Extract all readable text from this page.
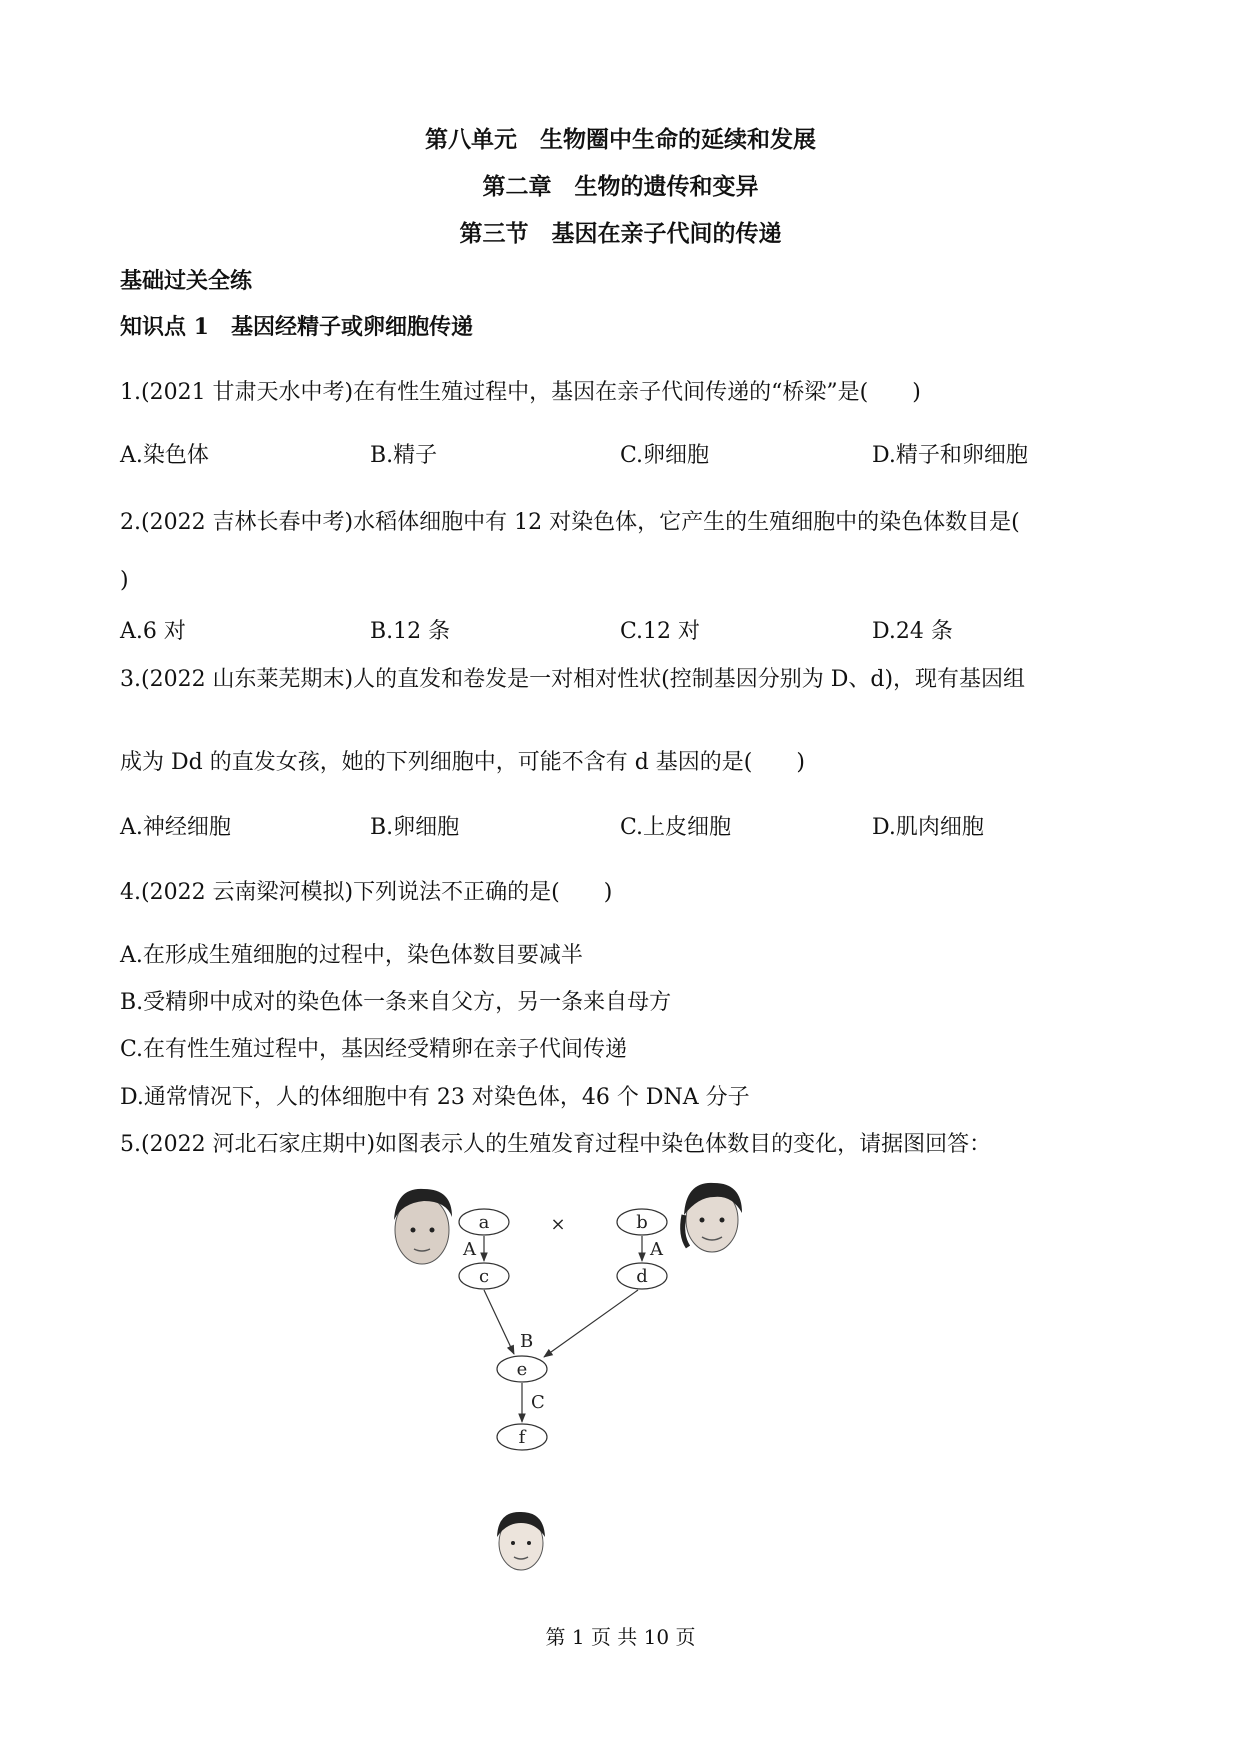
第八单元　生物圈中生命的延续和发展
第二章　生物的遗传和变异
第三节　基因在亲子代间的传递
基础过关全练
知识点 1　基因经精子或卵细胞传递
1.(2021 甘肃天水中考)在有性生殖过程中，基因在亲子代间传递的“桥梁”是(　　)
A.染色体	B.精子	C.卵细胞	D.精子和卵细胞
2.(2022 吉林长春中考)水稻体细胞中有 12 对染色体，它产生的生殖细胞中的染色体数目是(
)
A.6 对	B.12 条	C.12 对	D.24 条
3.(2022 山东莱芜期末)人的直发和卷发是一对相对性状(控制基因分别为 D、d)，现有基因组
成为 Dd 的直发女孩，她的下列细胞中，可能不含有 d 基因的是(　　)
A.神经细胞	B.卵细胞	C.上皮细胞	D.肌肉细胞
4.(2022 云南梁河模拟)下列说法不正确的是(　　)
A.在形成生殖细胞的过程中，染色体数目要减半
B.受精卵中成对的染色体一条来自父方，另一条来自母方
C.在有性生殖过程中，基因经受精卵在亲子代间传递
D.通常情况下，人的体细胞中有 23 对染色体，46 个 DNA 分子
5.(2022 河北石家庄期中)如图表示人的生殖发育过程中染色体数目的变化，请据图回答：
a	b
c	d
e
f
×
A	A
B
C
第 1 页 共 10 页
